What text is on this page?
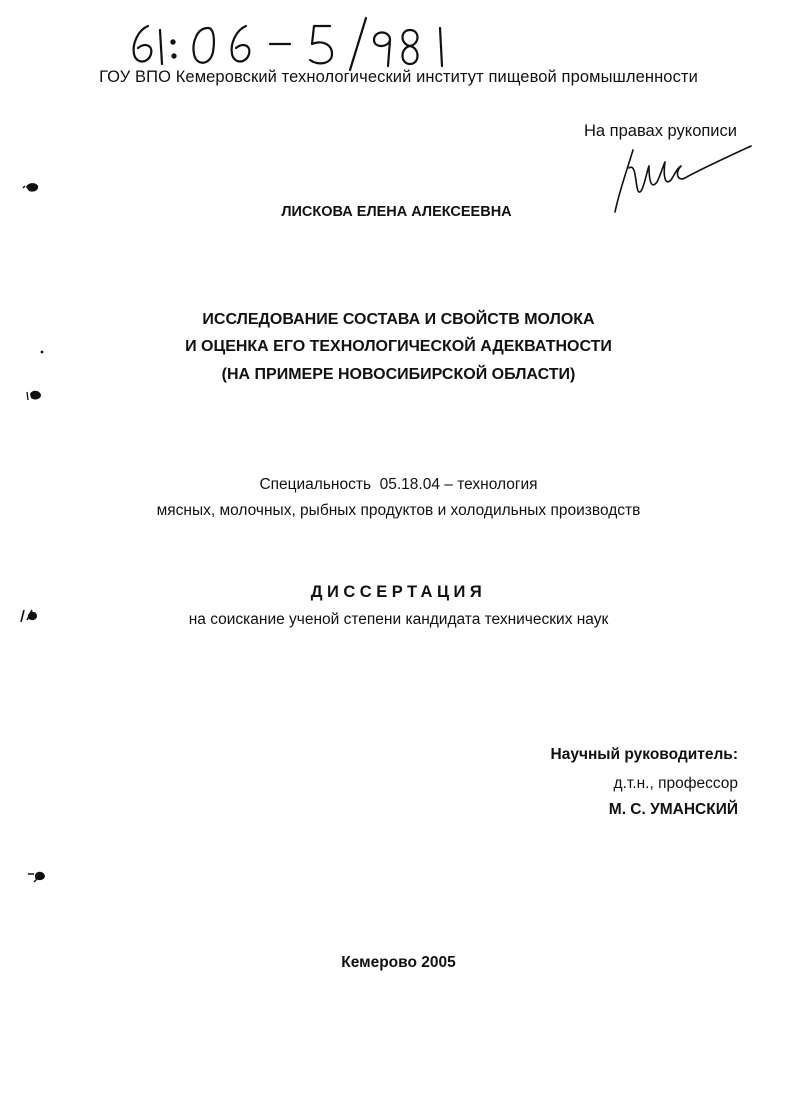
ГОУ ВПО Кемеровский технологический институт пищевой промышленности
На правах рукописи
ЛИСКОВА ЕЛЕНА АЛЕКСЕЕВНА
ИССЛЕДОВАНИЕ СОСТАВА И СВОЙСТВ МОЛОКА
И ОЦЕНКА ЕГО ТЕХНОЛОГИЧЕСКОЙ АДЕКВАТНОСТИ
(НА ПРИМЕРЕ НОВОСИБИРСКОЙ ОБЛАСТИ)
Специальность  05.18.04 – технология
мясных, молочных, рыбных продуктов и холодильных производств
ДИССЕРТАЦИЯ
на соискание ученой степени кандидата технических наук
Научный руководитель:
д.т.н., профессор
М. С. УМАНСКИЙ
Кемерово 2005
